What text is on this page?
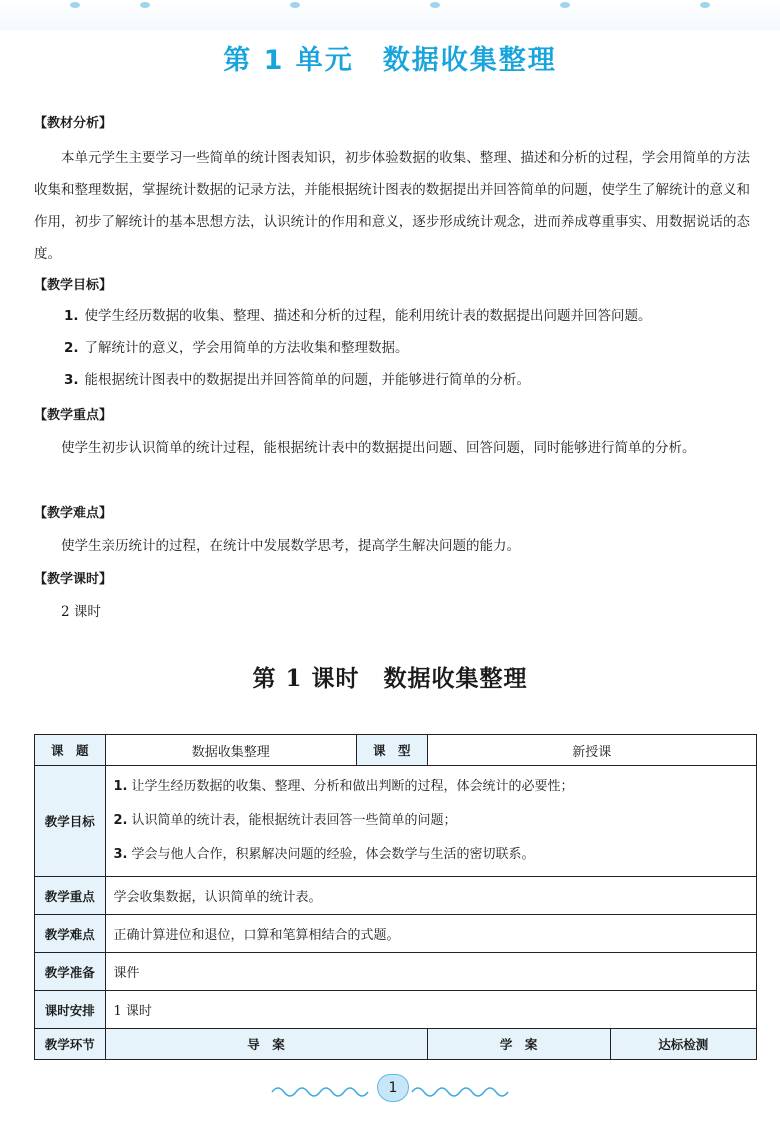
第 1 单元　数据收集整理
【教材分析】

本单元学生主要学习一些简单的统计图表知识，初步体验数据的收集、整理、描述和分析的过程，学会用简单的方法收集和整理数据，掌握统计数据的记录方法，并能根据统计图表的数据提出并回答简单的问题，使学生了解统计的意义和作用，初步了解统计的基本思想方法，认识统计的作用和意义，逐步形成统计观念，进而养成尊重事实、用数据说话的态度。

【教学目标】
1. 使学生经历数据的收集、整理、描述和分析的过程，能利用统计表的数据提出问题并回答问题。
2. 了解统计的意义，学会用简单的方法收集和整理数据。
3. 能根据统计图表中的数据提出并回答简单的问题，并能够进行简单的分析。
【教学重点】

使学生初步认识简单的统计过程，能根据统计表中的数据提出问题、回答问题，同时能够进行简单的分析。

【教学难点】

使学生亲历统计的过程，在统计中发展数学思考，提高学生解决问题的能力。

【教学课时】

2 课时

第 1 课时　数据收集整理
课　题	数据收集整理	课　型	新授课	
教学目标	1. 让学生经历数据的收集、整理、分析和做出判断的过程，体会统计的必要性；
2. 认识简单的统计表，能根据统计表回答一些简单的问题；
3. 学会与他人合作，积累解决问题的经验，体会数学与生活的密切联系。			

教学重点	学会收集数据，认识简单的统计表。			
教学难点	正确计算进位和退位，口算和笔算相结合的式题。			
教学准备	课件			
课时安排	1 课时			
教学环节	导　案		学　案	达标检测
1
